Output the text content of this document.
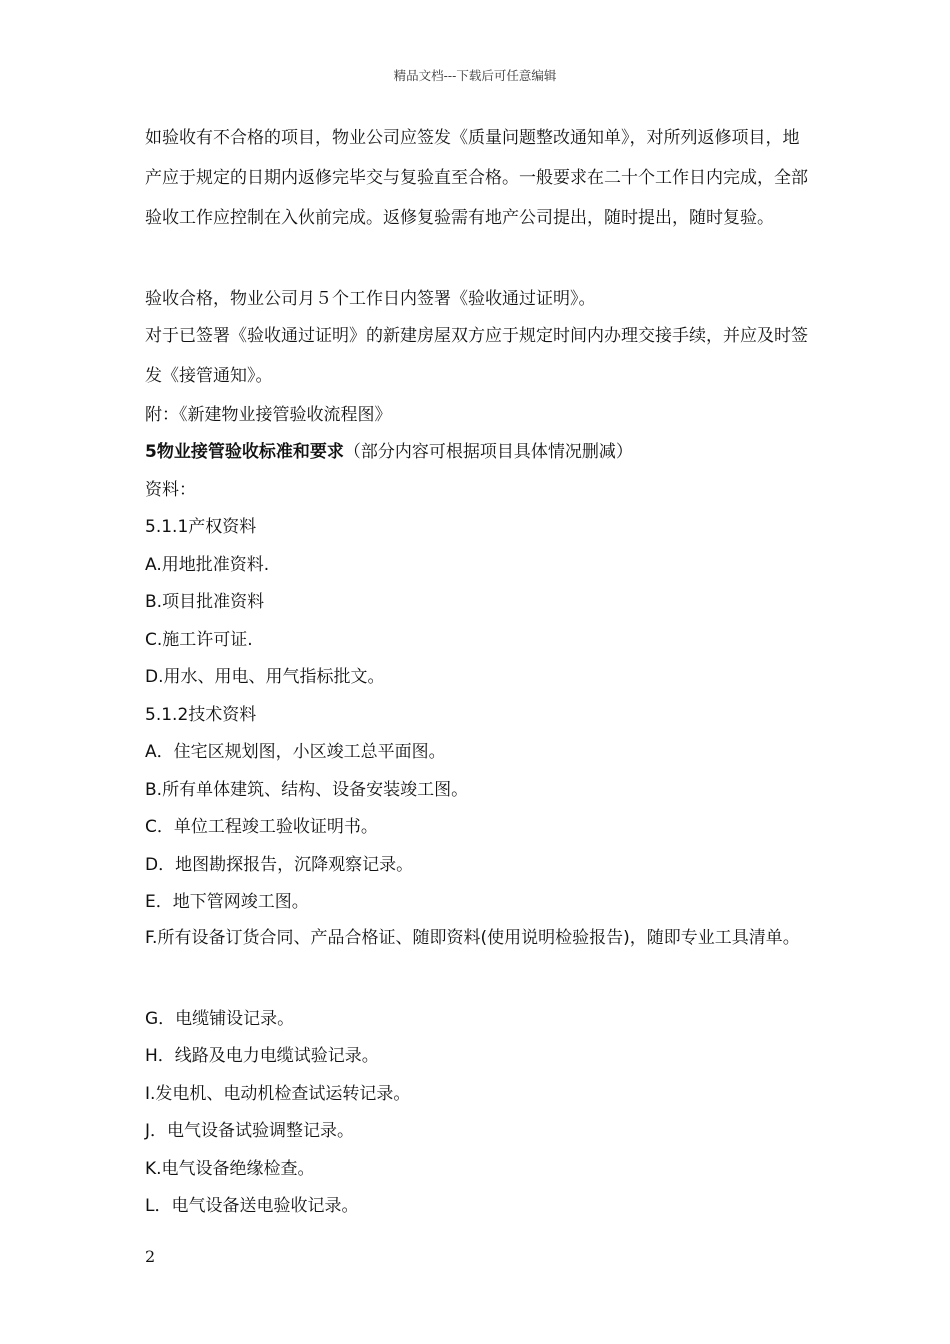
精品文档---下载后可任意编辑

如验收有不合格的项目，物业公司应签发《质量问题整改通知单》，对所列返修项目，地产应于规定的日期内返修完毕交与复验直至合格。一般要求在二十个工作日内完成，全部验收工作应控制在入伙前完成。返修复验需有地产公司提出，随时提出，随时复验。

验收合格，物业公司月５个工作日内签署《验收通过证明》。

对于已签署《验收通过证明》的新建房屋双方应于规定时间内办理交接手续，并应及时签发《接管通知》。

附：《新建物业接管验收流程图》
5物业接管验收标准和要求（部分内容可根据项目具体情况删减）
资料：
5.1.1产权资料
A.用地批准资料.
B.项目批准资料
C.施工许可证.
D.用水、用电、用气指标批文。
5.1.2技术资料
A．住宅区规划图，小区竣工总平面图。
B.所有单体建筑、结构、设备安装竣工图。
C．单位工程竣工验收证明书。
D．地图勘探报告，沉降观察记录。
E．地下管网竣工图。

F.所有设备订货合同、产品合格证、随即资料(使用说明检验报告)，随即专业工具清单。

G．电缆铺设记录。
H．线路及电力电缆试验记录。
I.发电机、电动机检查试运转记录。
J．电气设备试验调整记录。
K.电气设备绝缘检查。
L．电气设备送电验收记录。
2
